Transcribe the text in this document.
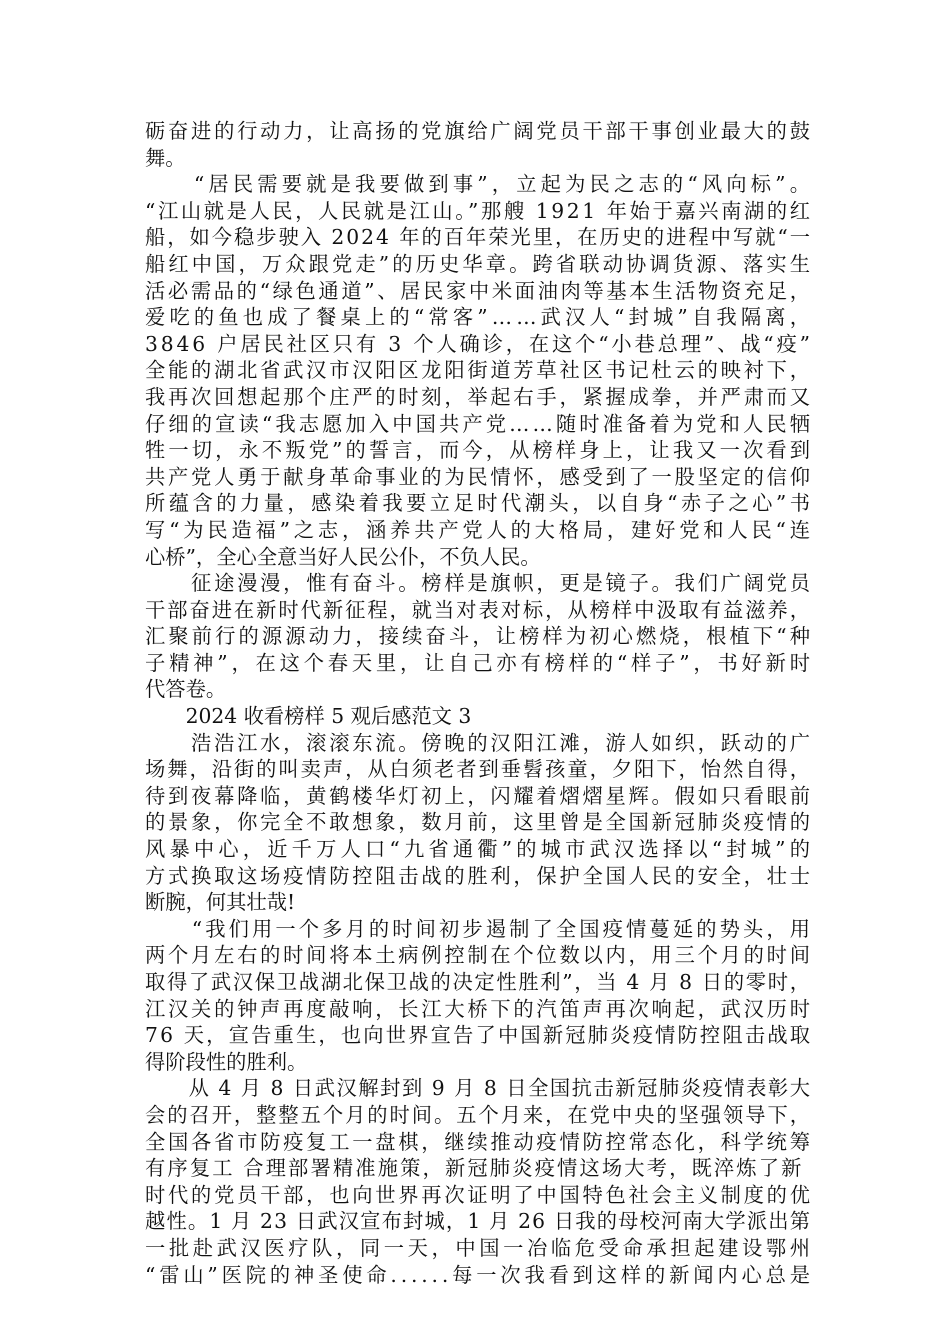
砺奋进的行动力，让高扬的党旗给广阔党员干部干事创业最大的鼓
舞。
　　“居民需要就是我要做到事”，立起为民之志的“风向标”。
“江山就是人民，人民就是江山。”那艘 1921 年始于嘉兴南湖的红
船，如今稳步驶入 2024 年的百年荣光里，在历史的进程中写就“一
船红中国，万众跟党走”的历史华章。跨省联动协调货源、落实生
活必需品的“绿色通道”、居民家中米面油肉等基本生活物资充足，
爱吃的鱼也成了餐桌上的“常客”……武汉人“封城”自我隔离，
3846 户居民社区只有 3 个人确诊，在这个“小巷总理”、战“疫”
全能的湖北省武汉市汉阳区龙阳街道芳草社区书记杜云的映衬下，
我再次回想起那个庄严的时刻，举起右手，紧握成拳，并严肃而又
仔细的宣读“我志愿加入中国共产党……随时准备着为党和人民牺
牲一切，永不叛党”的誓言，而今，从榜样身上，让我又一次看到
共产党人勇于献身革命事业的为民情怀，感受到了一股坚定的信仰
所蕴含的力量，感染着我要立足时代潮头，以自身“赤子之心”书
写“为民造福”之志，涵养共产党人的大格局，建好党和人民“连
心桥”，全心全意当好人民公仆，不负人民。
　　征途漫漫，惟有奋斗。榜样是旗帜，更是镜子。我们广阔党员
干部奋进在新时代新征程，就当对表对标，从榜样中汲取有益滋养，
汇聚前行的源源动力，接续奋斗，让榜样为初心燃烧，根植下“种
子精神”，在这个春天里，让自己亦有榜样的“样子”，书好新时
代答卷。
　　2024 收看榜样 5 观后感范文 3
　　浩浩江水，滚滚东流。傍晚的汉阳江滩，游人如织，跃动的广
场舞，沿街的叫卖声，从白须老者到垂髫孩童，夕阳下，怡然自得，
待到夜幕降临，黄鹤楼华灯初上，闪耀着熠熠星辉。假如只看眼前
的景象，你完全不敢想象，数月前，这里曾是全国新冠肺炎疫情的
风暴中心，近千万人口“九省通衢”的城市武汉选择以“封城”的
方式换取这场疫情防控阻击战的胜利，保护全国人民的安全，壮士
断腕，何其壮哉!
　　“我们用一个多月的时间初步遏制了全国疫情蔓延的势头，用
两个月左右的时间将本土病例控制在个位数以内，用三个月的时间
取得了武汉保卫战湖北保卫战的决定性胜利”，当 4 月 8 日的零时，
江汉关的钟声再度敲响，长江大桥下的汽笛声再次响起，武汉历时
76 天，宣告重生，也向世界宣告了中国新冠肺炎疫情防控阻击战取
得阶段性的胜利。
　　从 4 月 8 日武汉解封到 9 月 8 日全国抗击新冠肺炎疫情表彰大
会的召开，整整五个月的时间。五个月来，在党中央的坚强领导下，
全国各省市防疫复工一盘棋，继续推动疫情防控常态化，科学统筹
有序复工 合理部署精准施策，新冠肺炎疫情这场大考，既淬炼了新
时代的党员干部，也向世界再次证明了中国特色社会主义制度的优
越性。1 月 23 日武汉宣布封城，1 月 26 日我的母校河南大学派出第
一批赴武汉医疗队，同一天，中国一冶临危受命承担起建设鄂州
“雷山”医院的神圣使命......每一次我看到这样的新闻内心总是
